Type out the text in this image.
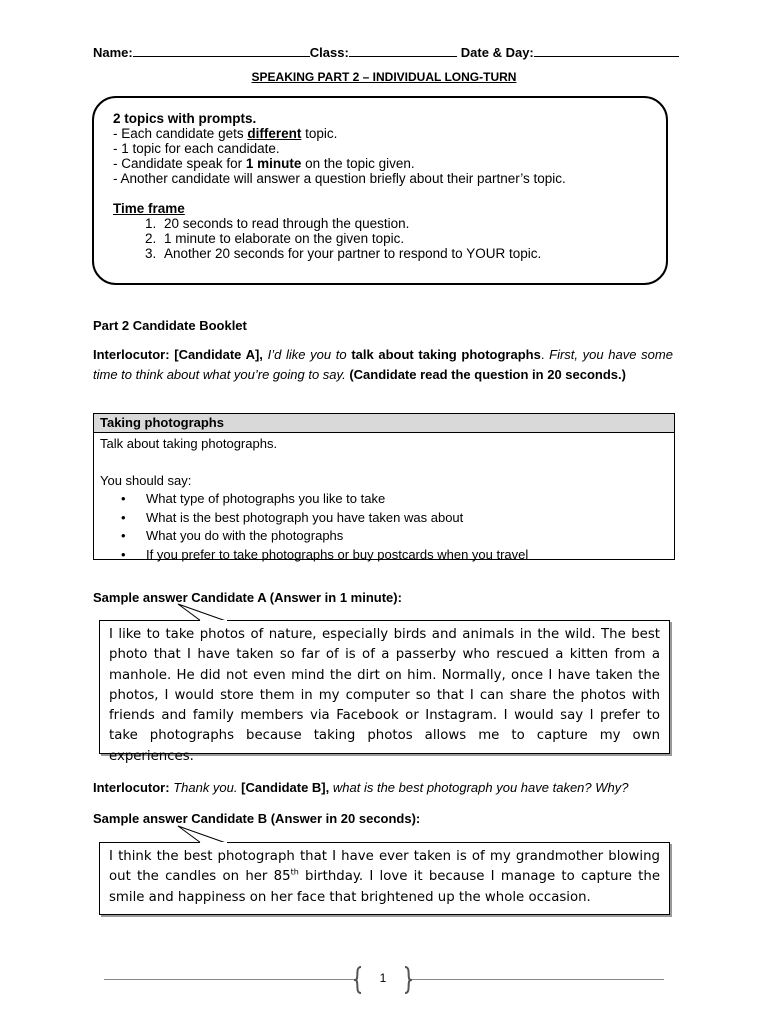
Name:	Class:	Date & Day:
SPEAKING PART 2 – INDIVIDUAL LONG-TURN

2 topics with prompts.

- Each candidate gets different topic.

- 1 topic for each candidate.

- Candidate speak for 1 minute on the topic given.

- Another candidate will answer a question briefly about their partner’s topic.

Time frame

1. 20 seconds to read through the question.
2. 1 minute to elaborate on the given topic.
3. Another 20 seconds for your partner to respond to YOUR topic.
Part 2 Candidate Booklet
Interlocutor: [Candidate A], I’d like you to talk about taking photographs. First, you have some time to think about what you’re going to say. (Candidate read the question in 20 seconds.)
Taking photographs
Talk about taking photographs.
You should say:
• What type of photographs you like to take
• What is the best photograph you have taken was about
• What you do with the photographs
• If you prefer to take photographs or buy postcards when you travel
Sample answer Candidate A (Answer in 1 minute):
I like to take photos of nature, especially birds and animals in the wild. The best photo that I have taken so far of is of a passerby who rescued a kitten from a manhole. He did not even mind the dirt on him. Normally, once I have taken the photos, I would store them in my computer so that I can share the photos with friends and family members via Facebook or Instagram. I would say I prefer to take photographs because taking photos allows me to capture my own experiences.
Interlocutor: Thank you. [Candidate B], what is the best photograph you have taken? Why?
Sample answer Candidate B (Answer in 20 seconds):
I think the best photograph that I have ever taken is of my grandmother blowing out the candles on her 85th birthday. I love it because I manage to capture the smile and happiness on her face that brightened up the whole occasion.
1
